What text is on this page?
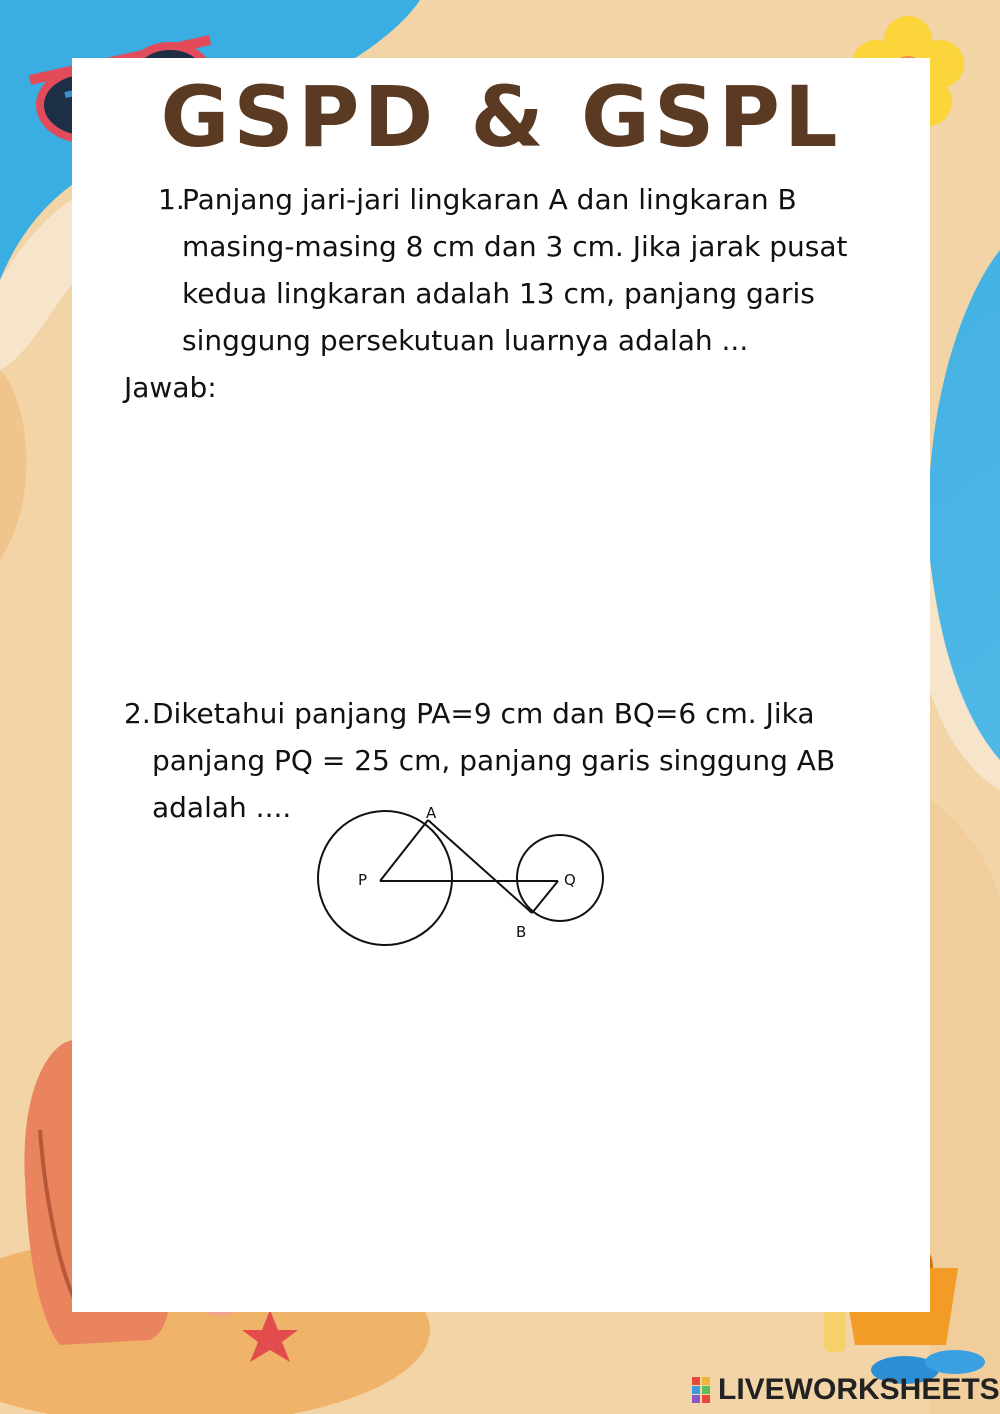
GSPD & GSPL
1.
Panjang jari-jari lingkaran A dan lingkaran B
masing-masing 8 cm dan 3 cm. Jika jarak pusat
kedua lingkaran adalah 13 cm, panjang garis
singgung persekutuan luarnya adalah ...
Jawab:
2. Diketahui panjang PA=9 cm dan BQ=6 cm. Jika
panjang PQ = 25 cm, panjang garis singgung AB
adalah ....	A
P	Q
B
LIVEWORKSHEETS
